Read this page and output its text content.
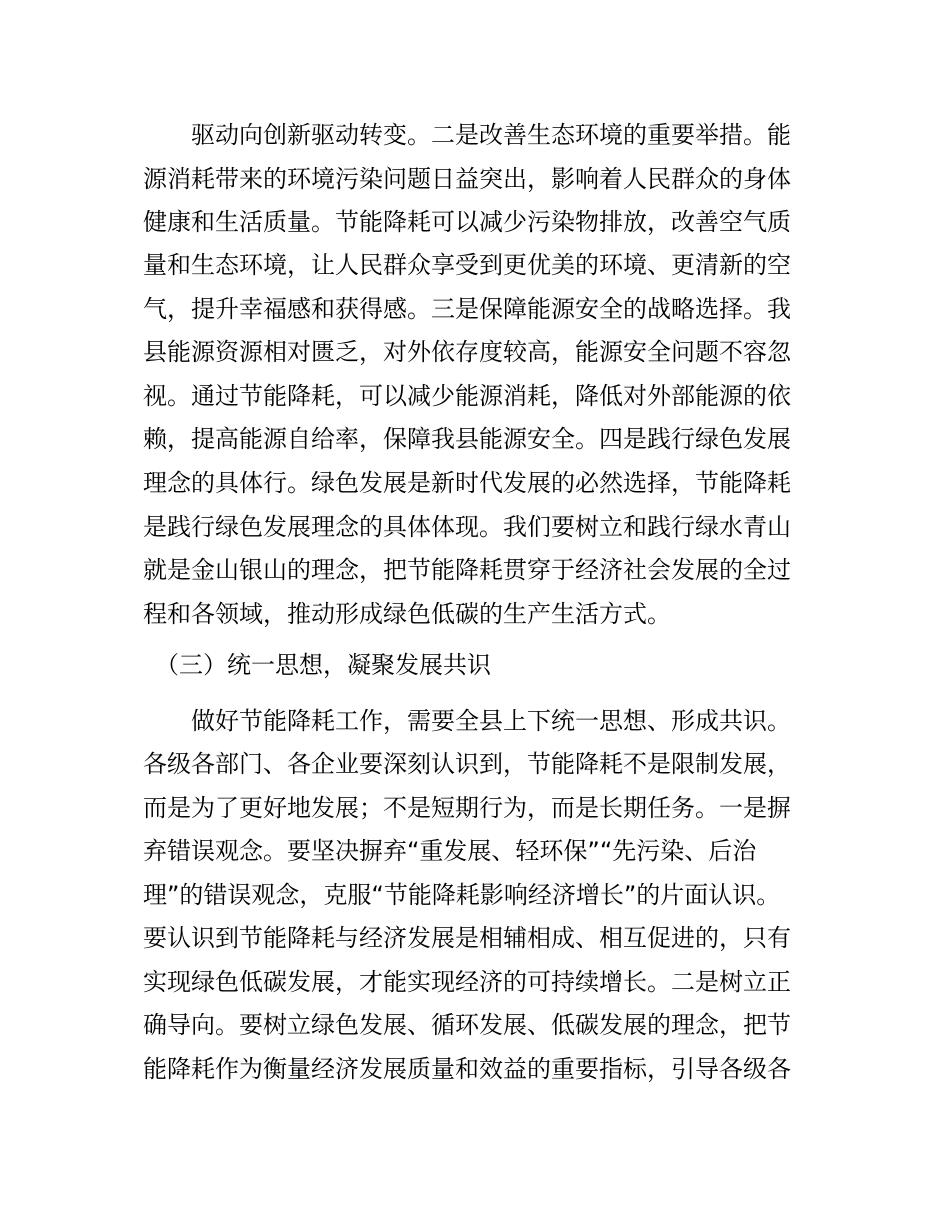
　　驱动向创新驱动转变。二是改善生态环境的重要举措。能
源消耗带来的环境污染问题日益突出，影响着人民群众的身体
健康和生活质量。节能降耗可以减少污染物排放，改善空气质
量和生态环境，让人民群众享受到更优美的环境、更清新的空
气，提升幸福感和获得感。三是保障能源安全的战略选择。我
县能源资源相对匮乏，对外依存度较高，能源安全问题不容忽
视。通过节能降耗，可以减少能源消耗，降低对外部能源的依
赖，提高能源自给率，保障我县能源安全。四是践行绿色发展
理念的具体行。绿色发展是新时代发展的必然选择，节能降耗
是践行绿色发展理念的具体体现。我们要树立和践行绿水青山
就是金山银山的理念，把节能降耗贯穿于经济社会发展的全过
程和各领域，推动形成绿色低碳的生产生活方式。
　（三）统一思想，凝聚发展共识
　　做好节能降耗工作，需要全县上下统一思想、形成共识。
各级各部门、各企业要深刻认识到，节能降耗不是限制发展，
而是为了更好地发展；不是短期行为，而是长期任务。一是摒
弃错误观念。要坚决摒弃“重发展、轻环保”“先污染、后治
理”的错误观念，克服“节能降耗影响经济增长”的片面认识。
要认识到节能降耗与经济发展是相辅相成、相互促进的，只有
实现绿色低碳发展，才能实现经济的可持续增长。二是树立正
确导向。要树立绿色发展、循环发展、低碳发展的理念，把节
能降耗作为衡量经济发展质量和效益的重要指标，引导各级各
